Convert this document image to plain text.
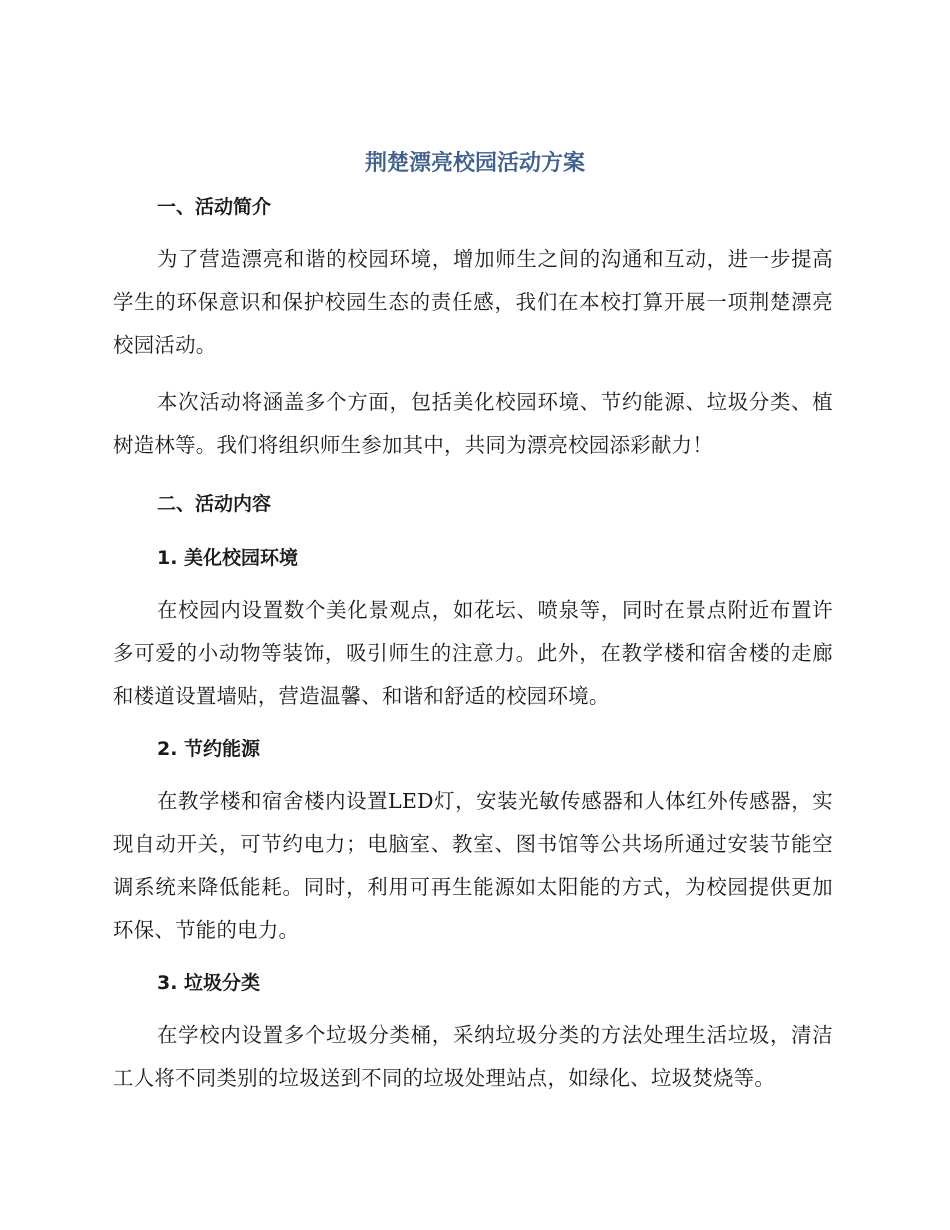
荆楚漂亮校园活动方案
一、活动简介

为了营造漂亮和谐的校园环境，增加师生之间的沟通和互动，进一步提高学生的环保意识和保护校园生态的责任感，我们在本校打算开展一项荆楚漂亮校园活动。

本次活动将涵盖多个方面，包括美化校园环境、节约能源、垃圾分类、植树造林等。我们将组织师生参加其中，共同为漂亮校园添彩献力！

二、活动内容
1. 美化校园环境

在校园内设置数个美化景观点，如花坛、喷泉等，同时在景点附近布置许多可爱的小动物等装饰，吸引师生的注意力。此外，在教学楼和宿舍楼的走廊和楼道设置墙贴，营造温馨、和谐和舒适的校园环境。

2. 节约能源

在教学楼和宿舍楼内设置LED灯，安装光敏传感器和人体红外传感器，实现自动开关，可节约电力；电脑室、教室、图书馆等公共场所通过安装节能空调系统来降低能耗。同时，利用可再生能源如太阳能的方式，为校园提供更加环保、节能的电力。

3. 垃圾分类

在学校内设置多个垃圾分类桶，采纳垃圾分类的方法处理生活垃圾，清洁工人将不同类别的垃圾送到不同的垃圾处理站点，如绿化、垃圾焚烧等。
